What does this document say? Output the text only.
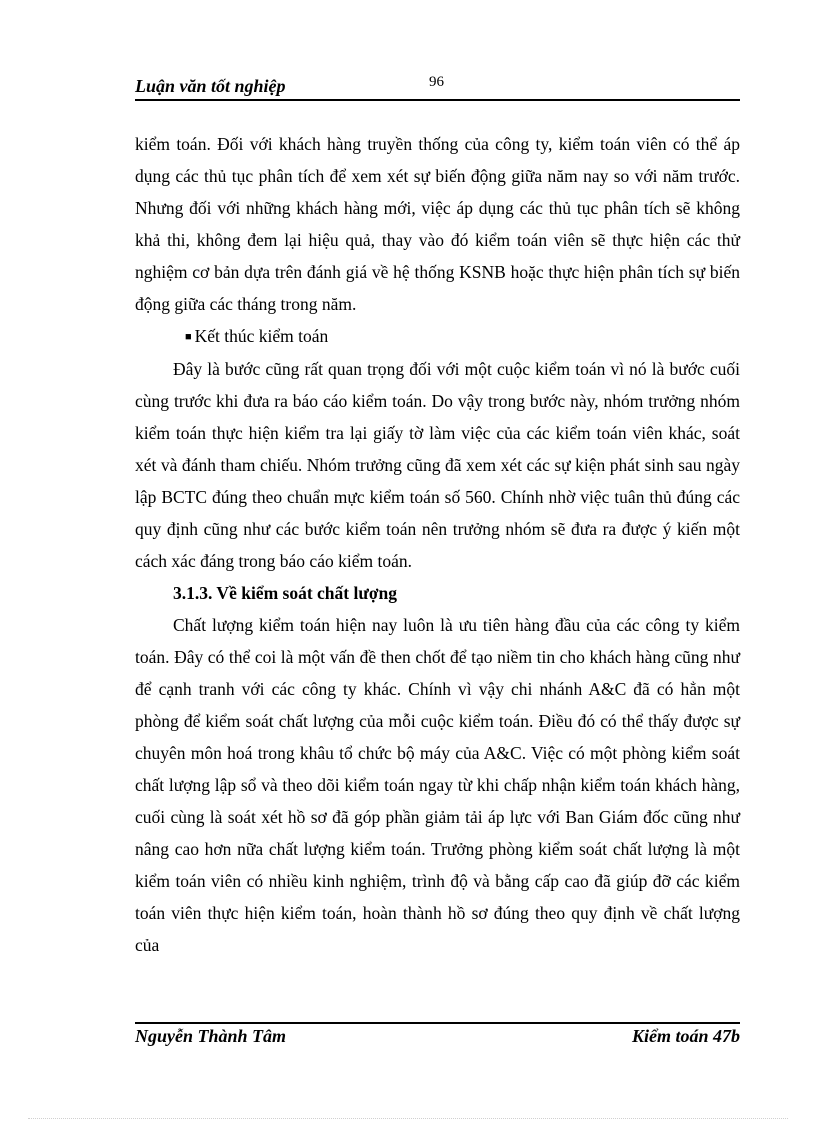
Luận văn tốt nghiệp	96

kiểm toán. Đối với khách hàng truyền thống của công ty, kiểm toán viên có thể áp dụng các thủ tục phân tích để xem xét sự biến động giữa năm nay so với năm trước. Nhưng đối với những khách hàng mới, việc áp dụng các thủ tục phân tích sẽ không khả thi, không đem lại hiệu quả, thay vào đó kiểm toán viên sẽ thực hiện các thử nghiệm cơ bản dựa trên đánh giá về hệ thống KSNB hoặc thực hiện phân tích sự biến động giữa các tháng trong năm.

■ Kết thúc kiểm toán

Đây là bước cũng rất quan trọng đối với một cuộc kiểm toán vì nó là bước cuối cùng trước khi đưa ra báo cáo kiểm toán. Do vậy trong bước này, nhóm trưởng nhóm kiểm toán thực hiện kiểm tra lại giấy tờ làm việc của các kiểm toán viên khác, soát xét và đánh tham chiếu. Nhóm trưởng cũng đã xem xét các sự kiện phát sinh sau ngày lập BCTC đúng theo chuẩn mực kiểm toán số 560. Chính nhờ việc tuân thủ đúng các quy định cũng như các bước kiểm toán nên trưởng nhóm sẽ đưa ra được ý kiến một cách xác đáng trong báo cáo kiểm toán.

3.1.3. Về kiểm soát chất lượng

Chất lượng kiểm toán hiện nay luôn là ưu tiên hàng đầu của các công ty kiểm toán. Đây có thể coi là một vấn đề then chốt để tạo niềm tin cho khách hàng cũng như để cạnh tranh với các công ty khác. Chính vì vậy chi nhánh A&C đã có hẳn một phòng để kiểm soát chất lượng của mỗi cuộc kiểm toán. Điều đó có thể thấy được sự chuyên môn hoá trong khâu tổ chức bộ máy của A&C. Việc có một phòng kiểm soát chất lượng lập sổ và theo dõi kiểm toán ngay từ khi chấp nhận kiểm toán khách hàng, cuối cùng là soát xét hồ sơ đã góp phần giảm tải áp lực với Ban Giám đốc cũng như nâng cao hơn nữa chất lượng kiểm toán. Trưởng phòng kiểm soát chất lượng là một kiểm toán viên có nhiều kinh nghiệm, trình độ và bằng cấp cao đã giúp đỡ các kiểm toán viên thực hiện kiểm toán, hoàn thành hồ sơ đúng theo quy định về chất lượng của

Nguyễn Thành Tâm	Kiểm toán 47b
